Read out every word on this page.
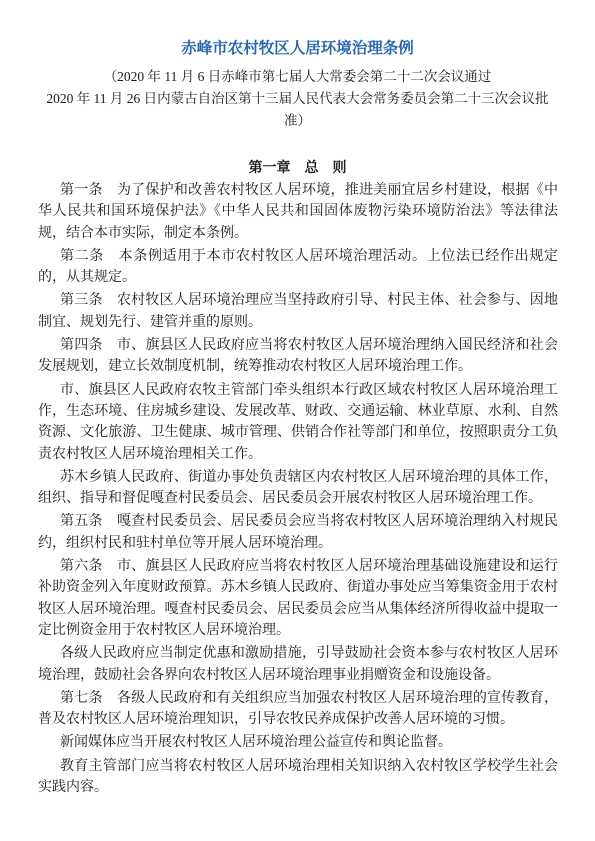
赤峰市农村牧区人居环境治理条例
（2020 年 11 月 6 日赤峰市第七届人大常委会第二十二次会议通过
2020 年 11 月 26 日内蒙古自治区第十三届人民代表大会常务委员会第二十三次会议批
准）
第一章　总　则

第一条　为了保护和改善农村牧区人居环境，推进美丽宜居乡村建设，根据《中华人民共和国环境保护法》《中华人民共和国固体废物污染环境防治法》等法律法规，结合本市实际，制定本条例。

第二条　本条例适用于本市农村牧区人居环境治理活动。上位法已经作出规定的，从其规定。

第三条　农村牧区人居环境治理应当坚持政府引导、村民主体、社会参与、因地制宜、规划先行、建管并重的原则。

第四条　市、旗县区人民政府应当将农村牧区人居环境治理纳入国民经济和社会发展规划，建立长效制度机制，统筹推动农村牧区人居环境治理工作。

市、旗县区人民政府农牧主管部门牵头组织本行政区域农村牧区人居环境治理工作，生态环境、住房城乡建设、发展改革、财政、交通运输、林业草原、水利、自然资源、文化旅游、卫生健康、城市管理、供销合作社等部门和单位，按照职责分工负责农村牧区人居环境治理相关工作。

苏木乡镇人民政府、街道办事处负责辖区内农村牧区人居环境治理的具体工作，组织、指导和督促嘎查村民委员会、居民委员会开展农村牧区人居环境治理工作。

第五条　嘎查村民委员会、居民委员会应当将农村牧区人居环境治理纳入村规民约，组织村民和驻村单位等开展人居环境治理。

第六条　市、旗县区人民政府应当将农村牧区人居环境治理基础设施建设和运行补助资金列入年度财政预算。苏木乡镇人民政府、街道办事处应当筹集资金用于农村牧区人居环境治理。嘎查村民委员会、居民委员会应当从集体经济所得收益中提取一定比例资金用于农村牧区人居环境治理。

各级人民政府应当制定优惠和激励措施，引导鼓励社会资本参与农村牧区人居环境治理，鼓励社会各界向农村牧区人居环境治理事业捐赠资金和设施设备。

第七条　各级人民政府和有关组织应当加强农村牧区人居环境治理的宣传教育，普及农村牧区人居环境治理知识，引导农牧民养成保护改善人居环境的习惯。

新闻媒体应当开展农村牧区人居环境治理公益宣传和舆论监督。

教育主管部门应当将农村牧区人居环境治理相关知识纳入农村牧区学校学生社会实践内容。
